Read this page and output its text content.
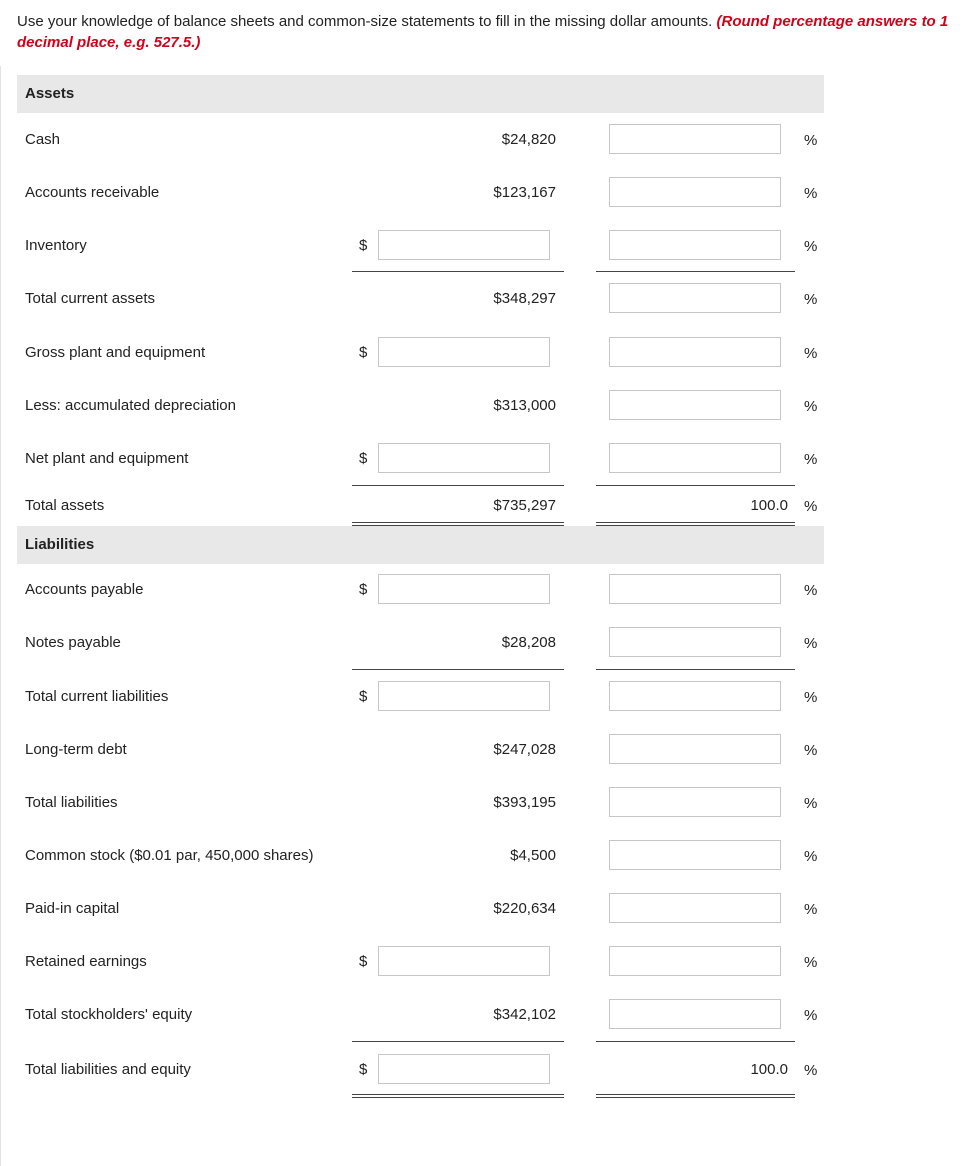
Use your knowledge of balance sheets and common-size statements to fill in the missing dollar amounts. (Round percentage answers to 1 decimal place, e.g. 527.5.)
Assets
Cash	$24,820	%
Accounts receivable	$123,167	%
Inventory	$	%
Total current assets	$348,297	%
Gross plant and equipment	$	%
Less: accumulated depreciation	$313,000	%
Net plant and equipment	$	%
Total assets	$735,297	100.0 %
Liabilities
Accounts payable	$	%
Notes payable	$28,208	%
Total current liabilities	$	%
Long-term debt	$247,028	%
Total liabilities	$393,195	%
Common stock ($0.01 par, 450,000 shares)	$4,500	%
Paid-in capital	$220,634	%
Retained earnings	$	%
Total stockholders' equity	$342,102	%
Total liabilities and equity	$	100.0 %
